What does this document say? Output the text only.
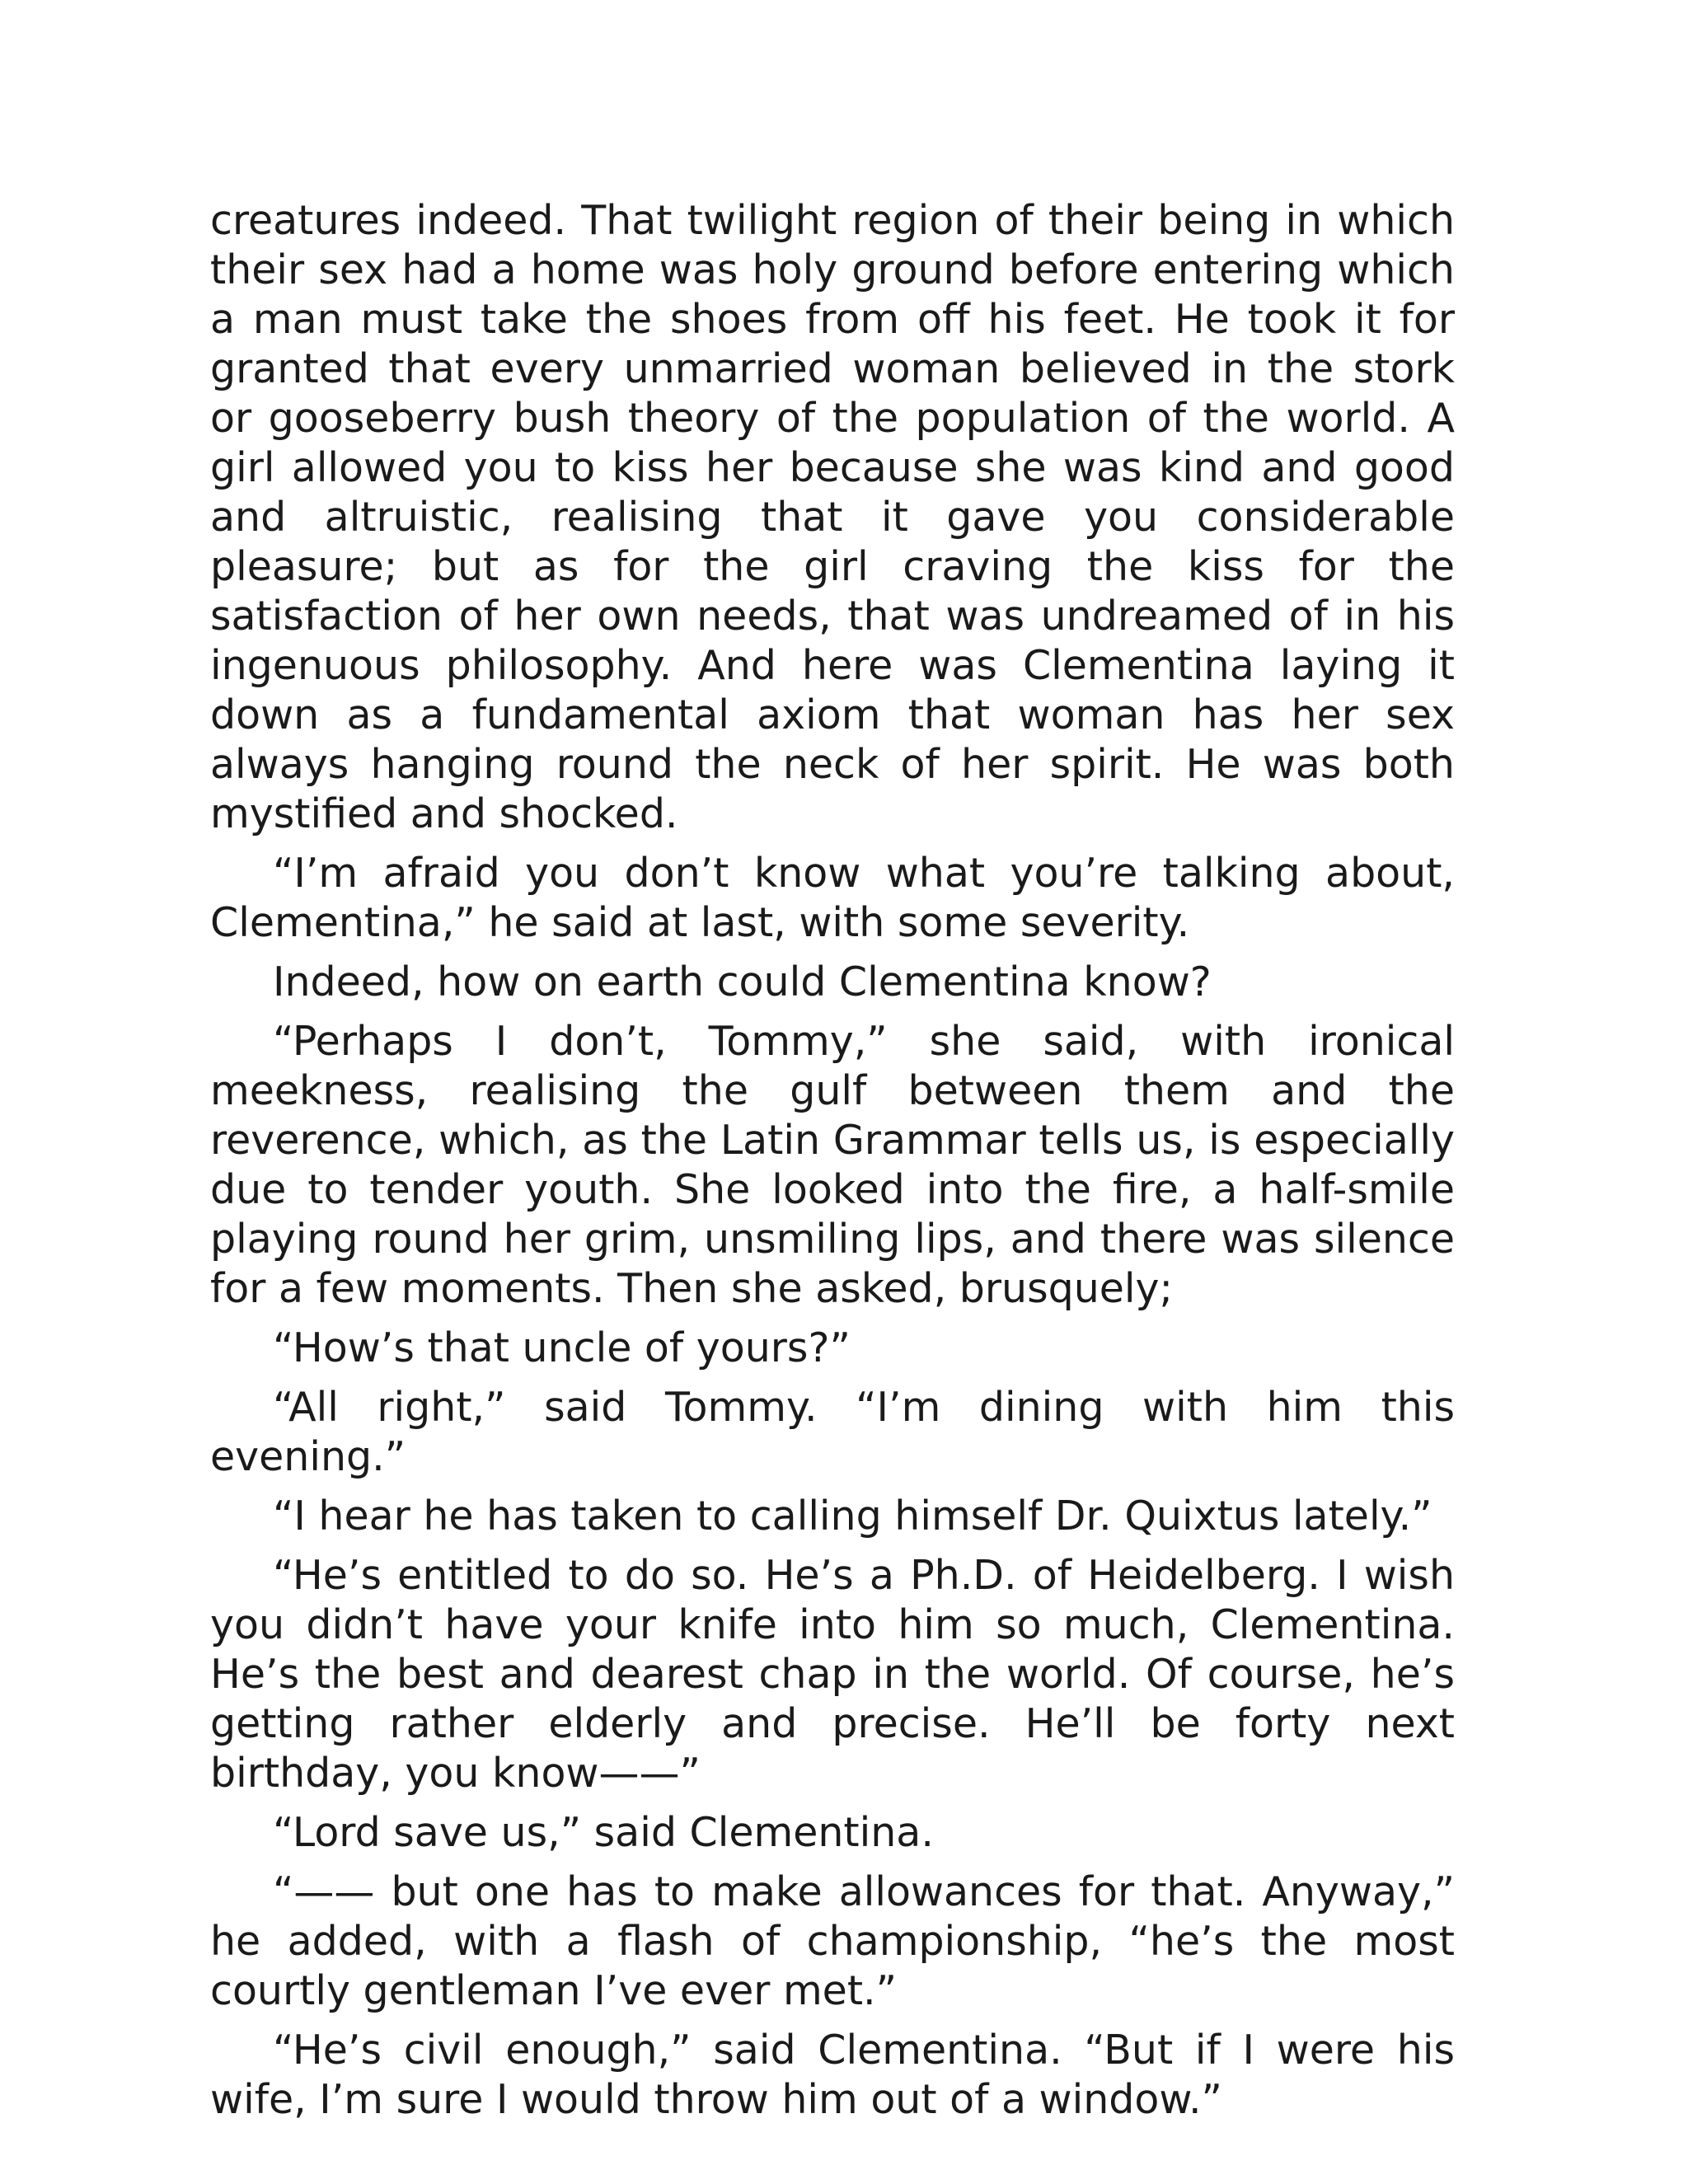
creatures indeed. That twilight region of their being in which their sex had a home was holy ground before entering which a man must take the shoes from off his feet. He took it for granted that every unmarried woman believed in the stork or gooseberry bush theory of the population of the world. A girl allowed you to kiss her because she was kind and good and altruistic, realising that it gave you considerable pleasure; but as for the girl craving the kiss for the satisfaction of her own needs, that was undreamed of in his ingenuous philosophy. And here was Clementina laying it down as a fundamental axiom that woman has her sex always hanging round the neck of her spirit. He was both mystified and shocked.

“I’m afraid you don’t know what you’re talking about, Clementina,” he said at last, with some severity.

Indeed, how on earth could Clementina know?

“Perhaps I don’t, Tommy,” she said, with ironical meekness, realising the gulf between them and the reverence, which, as the Latin Grammar tells us, is especially due to tender youth. She looked into the fire, a half-smile playing round her grim, unsmiling lips, and there was silence for a few moments. Then she asked, brusquely;

“How’s that uncle of yours?”

“All right,” said Tommy. “I’m dining with him this evening.”

“I hear he has taken to calling himself Dr. Quixtus lately.”

“He’s entitled to do so. He’s a Ph.D. of Heidelberg. I wish you didn’t have your knife into him so much, Clementina. He’s the best and dearest chap in the world. Of course, he’s getting rather elderly and precise. He’ll be forty next birthday, you know——”

“Lord save us,” said Clementina.

“—— but one has to make allowances for that. Anyway,” he added, with a flash of championship, “he’s the most courtly gentleman I’ve ever met.”

“He’s civil enough,” said Clementina. “But if I were his wife, I’m sure I would throw him out of a window.”
